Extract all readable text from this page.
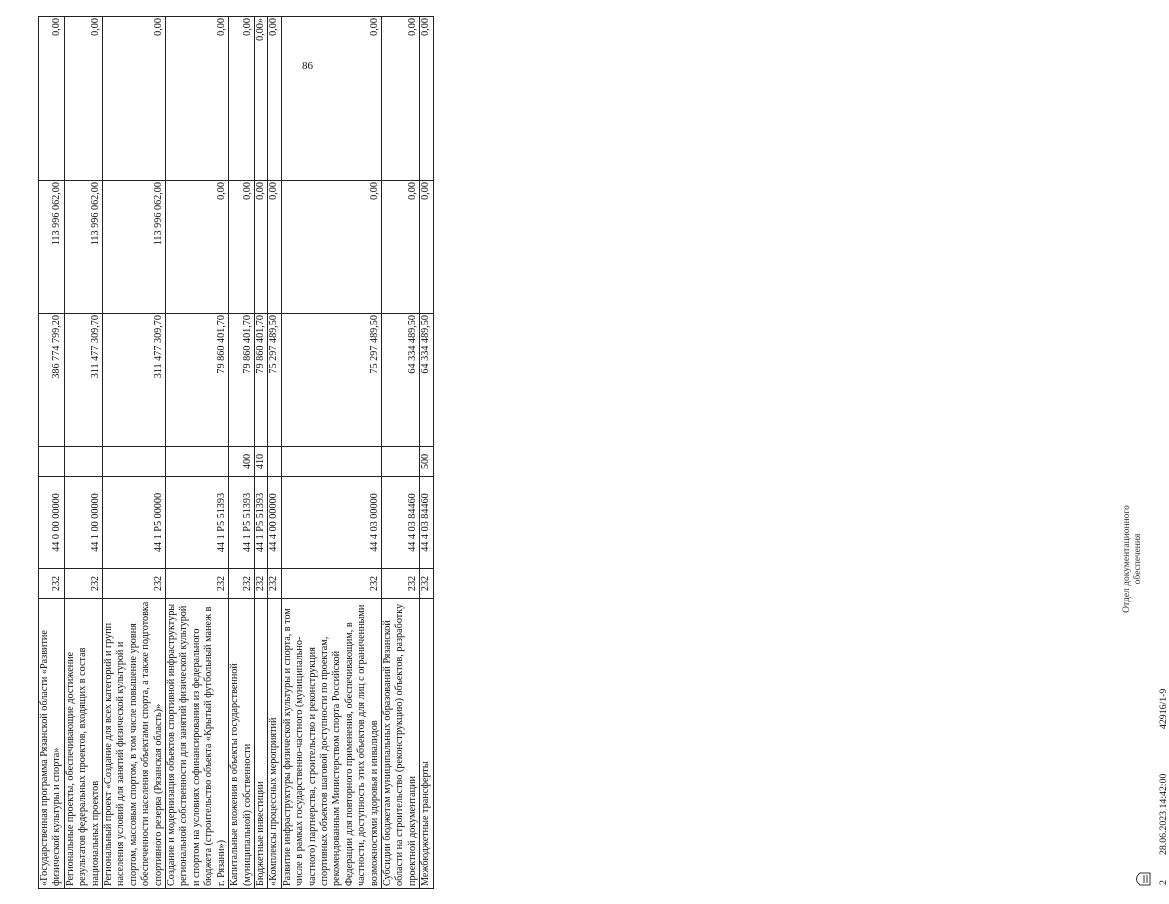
86
«Государственная программа Рязанской области «Развитие физической культуры и спорта»	232	44 0 00 00000		386 774 799,20	113 996 062,00	0,00
Региональные проекты, обеспечивающие достижение результатов федеральных проектов, входящих в состав национальных проектов	232	44 1 00 00000		311 477 309,70	113 996 062,00	0,00
Региональный проект «Создание для всех категорий и групп населения условий для занятий физической культурой и спортом, массовым спортом, в том числе повышение уровня обеспеченности населения объектами спорта, а также подготовка спортивного резерва (Рязанская область)»	232	44 1 P5 00000		311 477 309,70	113 996 062,00	0,00
Создание и модернизация объектов спортивной инфраструктуры региональной собственности для занятий физической культурой и спортом на условиях софинансирования из федерального бюджета (строительство объекта «Крытый футбольный манеж в г. Рязани»)	232	44 1 P5 51393		79 860 401,70	0,00	0,00
Капитальные вложения в объекты государственной (муниципальной) собственности	232	44 1 P5 51393	400	79 860 401,70	0,00	0,00
Бюджетные инвестиции	232	44 1 P5 51393	410	79 860 401,70	0,00	0,00»
«Комплексы процессных мероприятий	232	44 4 00 00000		75 297 489,50	0,00	0,00
Развитие инфраструктуры физической культуры и спорта, в том числе в рамках государственно-частного (муниципально-частного) партнерства, строительство и реконструкция спортивных объектов шаговой доступности по проектам, рекомендованным Министерством спорта Российской Федерации для повторного применения, обеспечивающим, в частности, доступность этих объектов для лиц с ограниченными возможностями здоровья и инвалидов	232	44 4 03 00000		75 297 489,50	0,00	0,00
Субсидии бюджетам муниципальных образований Рязанской области на строительство (реконструкцию) объектов, разработку проектной документации	232	44 4 03 84460		64 334 489,50	0,00	0,00
Межбюджетные трансферты	232	44 4 03 84460	500	64 334 489,50	0,00	0,00
2
28.06.2023 14:42:00
42916/1-9
Отдел документационного обеспечения
